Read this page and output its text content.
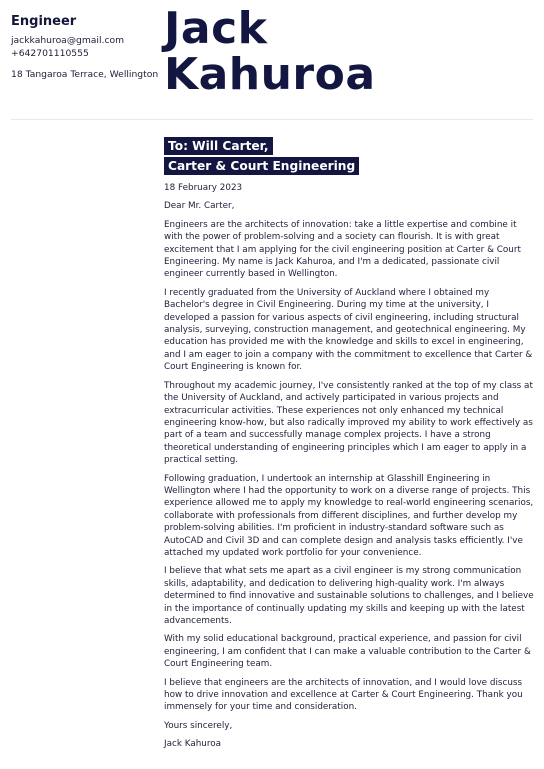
Engineer
jackkahuroa@gmail.com
+642701110555
18 Tangaroa Terrace, Wellington
Jack
Kahuroa
To: Will Carter,
Carter & Court Engineering

18 February 2023

Dear Mr. Carter,

Engineers are the architects of innovation: take a little expertise and combine it with the power of problem-solving and a society can flourish. It is with great excitement that I am applying for the civil engineering position at Carter & Court Engineering. My name is Jack Kahuroa, and I'm a dedicated, passionate civil engineer currently based in Wellington.

I recently graduated from the University of Auckland where I obtained my Bachelor's degree in Civil Engineering. During my time at the university, I developed a passion for various aspects of civil engineering, including structural analysis, surveying, construction management, and geotechnical engineering. My education has provided me with the knowledge and skills to excel in engineering, and I am eager to join a company with the commitment to excellence that Carter & Court Engineering is known for.

Throughout my academic journey, I've consistently ranked at the top of my class at the University of Auckland, and actively participated in various projects and extracurricular activities. These experiences not only enhanced my technical engineering know-how, but also radically improved my ability to work effectively as part of a team and successfully manage complex projects. I have a strong theoretical understanding of engineering principles which I am eager to apply in a practical setting.

Following graduation, I undertook an internship at Glasshill Engineering in Wellington where I had the opportunity to work on a diverse range of projects. This experience allowed me to apply my knowledge to real-world engineering scenarios, collaborate with professionals from different disciplines, and further develop my problem-solving abilities. I'm proficient in industry-standard software such as AutoCAD and Civil 3D and can complete design and analysis tasks efficiently. I've attached my updated work portfolio for your convenience.

I believe that what sets me apart as a civil engineer is my strong communication skills, adaptability, and dedication to delivering high-quality work. I'm always determined to find innovative and sustainable solutions to challenges, and I believe in the importance of continually updating my skills and keeping up with the latest advancements.

With my solid educational background, practical experience, and passion for civil engineering, I am confident that I can make a valuable contribution to the Carter & Court Engineering team.

I believe that engineers are the architects of innovation, and I would love discuss how to drive innovation and excellence at Carter & Court Engineering. Thank you immensely for your time and consideration.

Yours sincerely,

Jack Kahuroa
